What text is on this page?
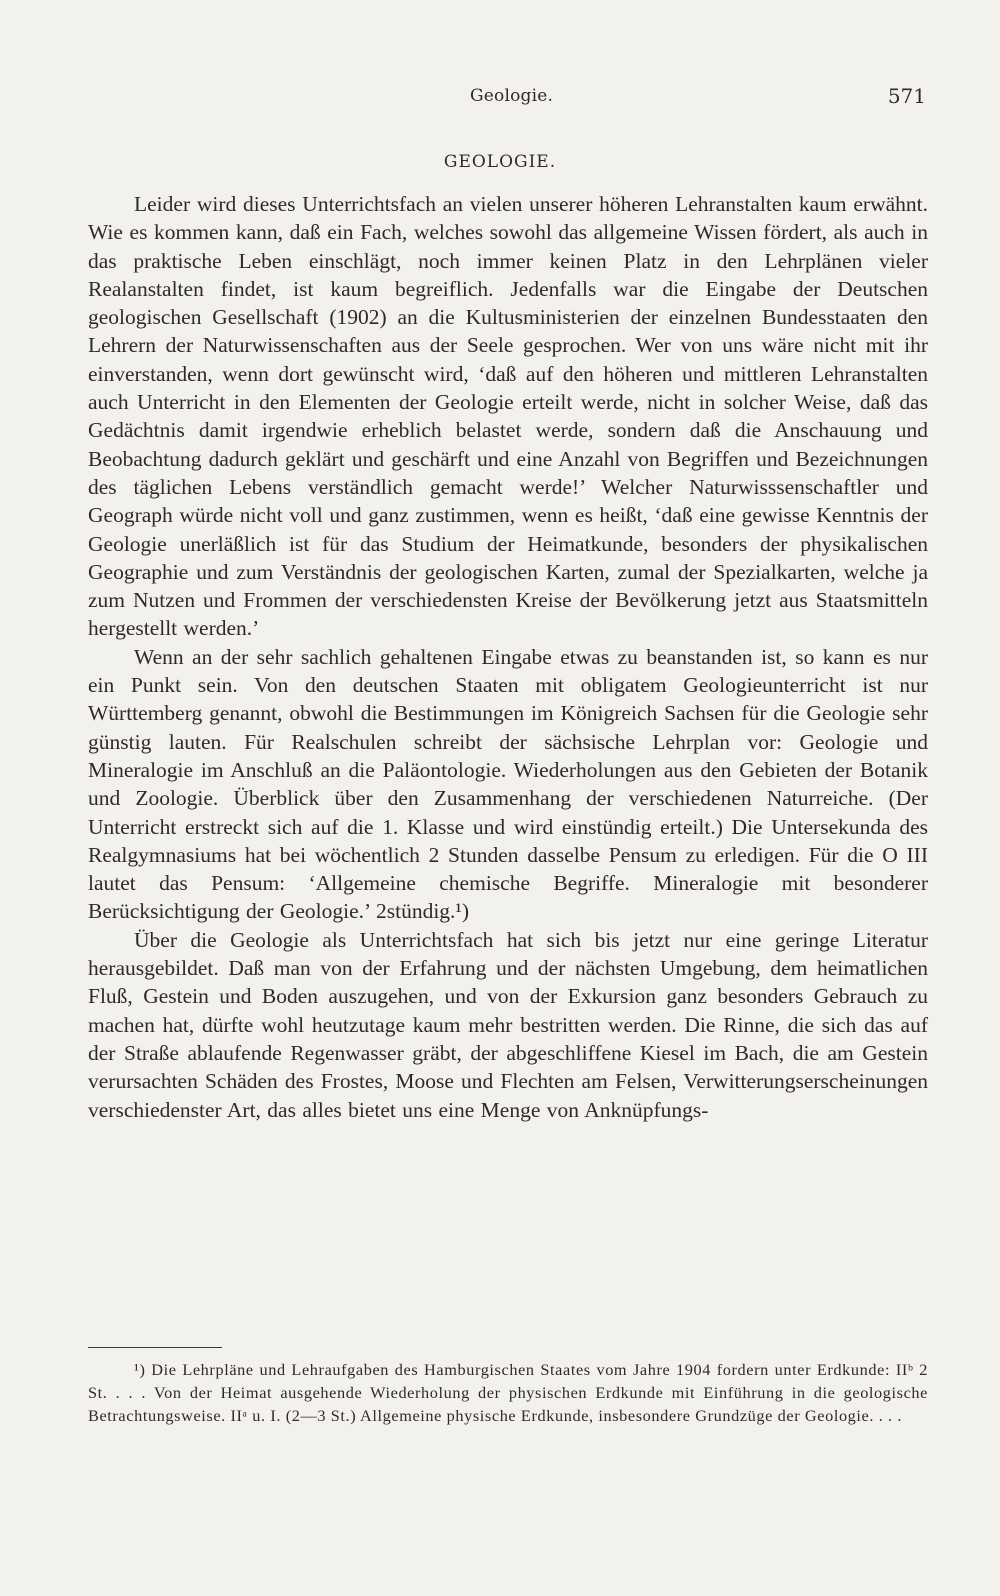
Geologie.	571
GEOLOGIE.

Leider wird dieses Unterrichtsfach an vielen unserer höheren Lehranstalten kaum erwähnt. Wie es kommen kann, daß ein Fach, welches sowohl das allgemeine Wissen fördert, als auch in das praktische Leben einschlägt, noch immer keinen Platz in den Lehrplänen vieler Realanstalten findet, ist kaum begreiflich. Jedenfalls war die Eingabe der Deutschen geologischen Gesellschaft (1902) an die Kultusministerien der einzelnen Bundesstaaten den Lehrern der Naturwissenschaften aus der Seele gesprochen. Wer von uns wäre nicht mit ihr einverstanden, wenn dort gewünscht wird, ‘daß auf den höheren und mittleren Lehranstalten auch Unterricht in den Elementen der Geologie erteilt werde, nicht in solcher Weise, daß das Gedächtnis damit irgendwie erheblich belastet werde, sondern daß die Anschauung und Beobachtung dadurch geklärt und geschärft und eine Anzahl von Begriffen und Bezeichnungen des täglichen Lebens verständlich gemacht werde!’ Welcher Naturwisssenschaftler und Geograph würde nicht voll und ganz zustimmen, wenn es heißt, ‘daß eine gewisse Kenntnis der Geologie unerläßlich ist für das Studium der Heimatkunde, besonders der physikalischen Geographie und zum Verständnis der geologischen Karten, zumal der Spezialkarten, welche ja zum Nutzen und Frommen der verschiedensten Kreise der Bevölkerung jetzt aus Staatsmitteln hergestellt werden.’

Wenn an der sehr sachlich gehaltenen Eingabe etwas zu beanstanden ist, so kann es nur ein Punkt sein. Von den deutschen Staaten mit obligatem Geologieunterricht ist nur Württemberg genannt, obwohl die Bestimmungen im Königreich Sachsen für die Geologie sehr günstig lauten. Für Realschulen schreibt der sächsische Lehrplan vor: Geologie und Mineralogie im Anschluß an die Paläontologie. Wiederholungen aus den Gebieten der Botanik und Zoologie. Überblick über den Zusammenhang der verschiedenen Naturreiche. (Der Unterricht erstreckt sich auf die 1. Klasse und wird einstündig erteilt.) Die Untersekunda des Realgymnasiums hat bei wöchentlich 2 Stunden dasselbe Pensum zu erledigen. Für die O III lautet das Pensum: ‘Allgemeine chemische Begriffe. Mineralogie mit besonderer Berücksichtigung der Geologie.’ 2stündig.¹)

Über die Geologie als Unterrichtsfach hat sich bis jetzt nur eine geringe Literatur herausgebildet. Daß man von der Erfahrung und der nächsten Umgebung, dem heimatlichen Fluß, Gestein und Boden auszugehen, und von der Exkursion ganz besonders Gebrauch zu machen hat, dürfte wohl heutzutage kaum mehr bestritten werden. Die Rinne, die sich das auf der Straße ablaufende Regenwasser gräbt, der abgeschliffene Kiesel im Bach, die am Gestein verursachten Schäden des Frostes, Moose und Flechten am Felsen, Verwitterungserscheinungen verschiedenster Art, das alles bietet uns eine Menge von Anknüpfungs-

¹) Die Lehrpläne und Lehraufgaben des Hamburgischen Staates vom Jahre 1904 fordern unter Erdkunde: IIᵇ 2 St. . . . Von der Heimat ausgehende Wiederholung der physischen Erdkunde mit Einführung in die geologische Betrachtungsweise. IIᵃ u. I. (2—3 St.) Allgemeine physische Erdkunde, insbesondere Grundzüge der Geologie. . . .
